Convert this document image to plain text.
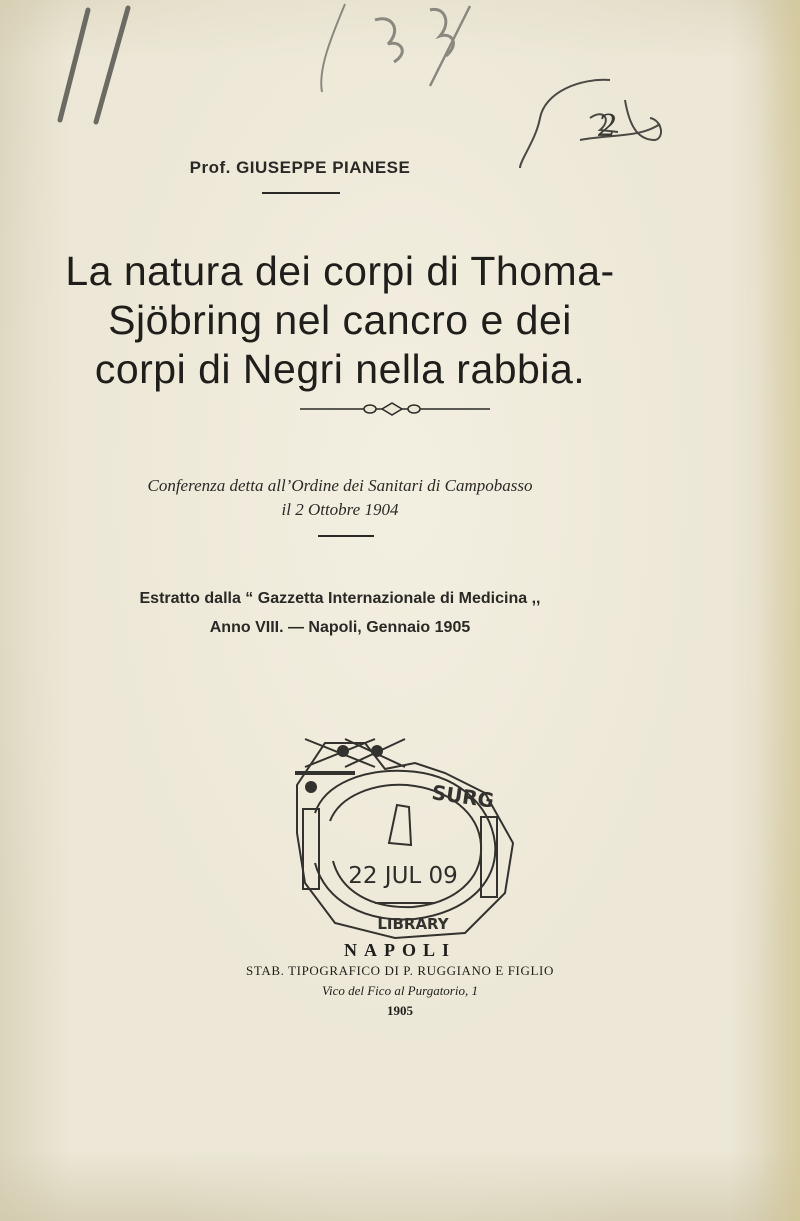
2
Prof. GIUSEPPE PIANESE
La natura dei corpi di Thoma-
Sjöbring nel cancro e dei
corpi di Negri nella rabbia.
Conferenza detta all’Ordine dei Sanitari di Campobasso
il 2 Ottobre 1904
Estratto dalla “ Gazzetta Internazionale di Medicina ,,
Anno VIII. — Napoli, Gennaio 1905
SURG
22 JUL 09
LIBRARY
NAPOLI
STAB. TIPOGRAFICO DI P. RUGGIANO E FIGLIO
Vico del Fico al Purgatorio, 1
1905
